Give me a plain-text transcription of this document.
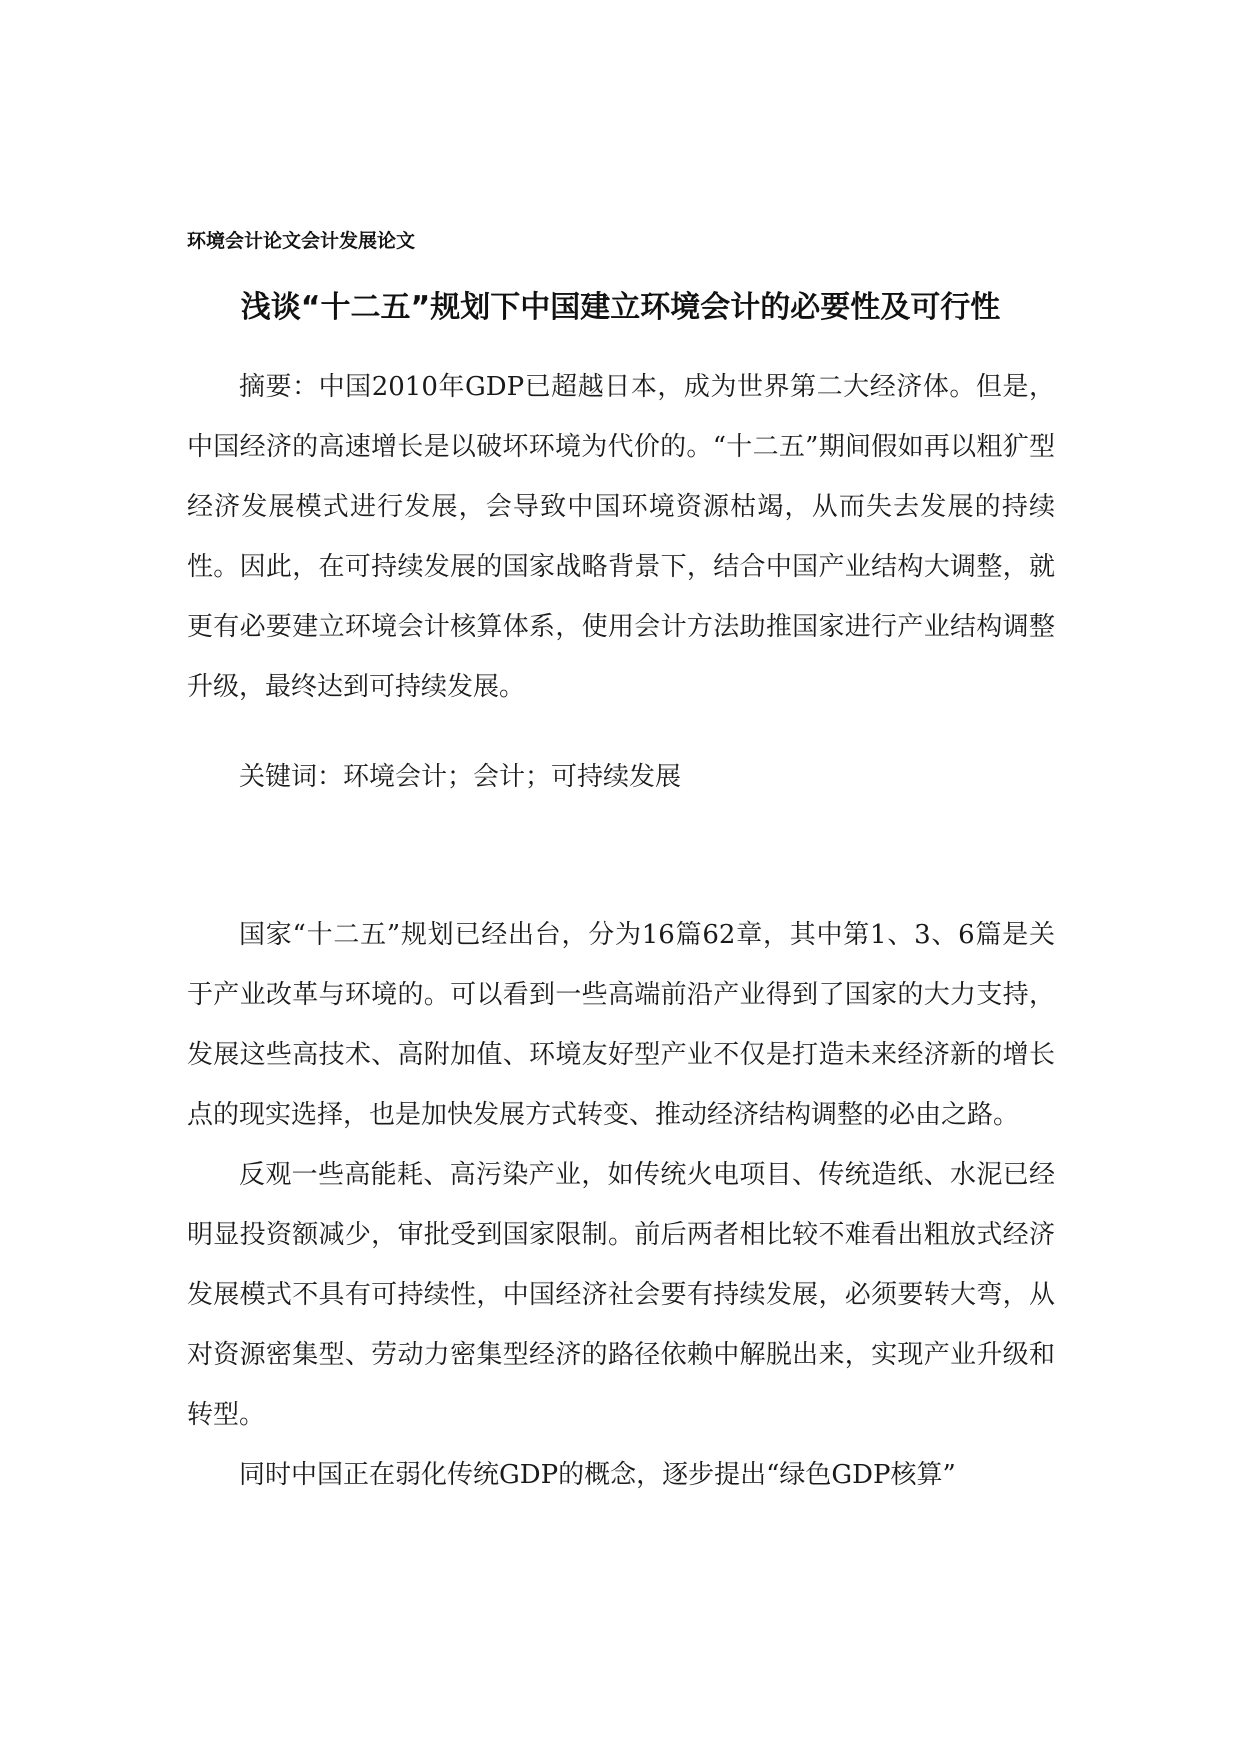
环境会计论文会计发展论文
浅谈“十二五”规划下中国建立环境会计的必要性及可行性

摘要：中国2010年GDP已超越日本，成为世界第二大经济体。但是，中国经济的高速增长是以破坏环境为代价的。“十二五”期间假如再以粗犷型经济发展模式进行发展，会导致中国环境资源枯竭，从而失去发展的持续性。因此，在可持续发展的国家战略背景下，结合中国产业结构大调整，就更有必要建立环境会计核算体系，使用会计方法助推国家进行产业结构调整升级，最终达到可持续发展。

关键词：环境会计；会计；可持续发展

国家“十二五”规划已经出台，分为16篇62章，其中第1、3、6篇是关于产业改革与环境的。可以看到一些高端前沿产业得到了国家的大力支持，发展这些高技术、高附加值、环境友好型产业不仅是打造未来经济新的增长点的现实选择，也是加快发展方式转变、推动经济结构调整的必由之路。

反观一些高能耗、高污染产业，如传统火电项目、传统造纸、水泥已经明显投资额减少，审批受到国家限制。前后两者相比较不难看出粗放式经济发展模式不具有可持续性，中国经济社会要有持续发展，必须要转大弯，从对资源密集型、劳动力密集型经济的路径依赖中解脱出来，实现产业升级和转型。

同时中国正在弱化传统GDP的概念，逐步提出“绿色GDP核算”
